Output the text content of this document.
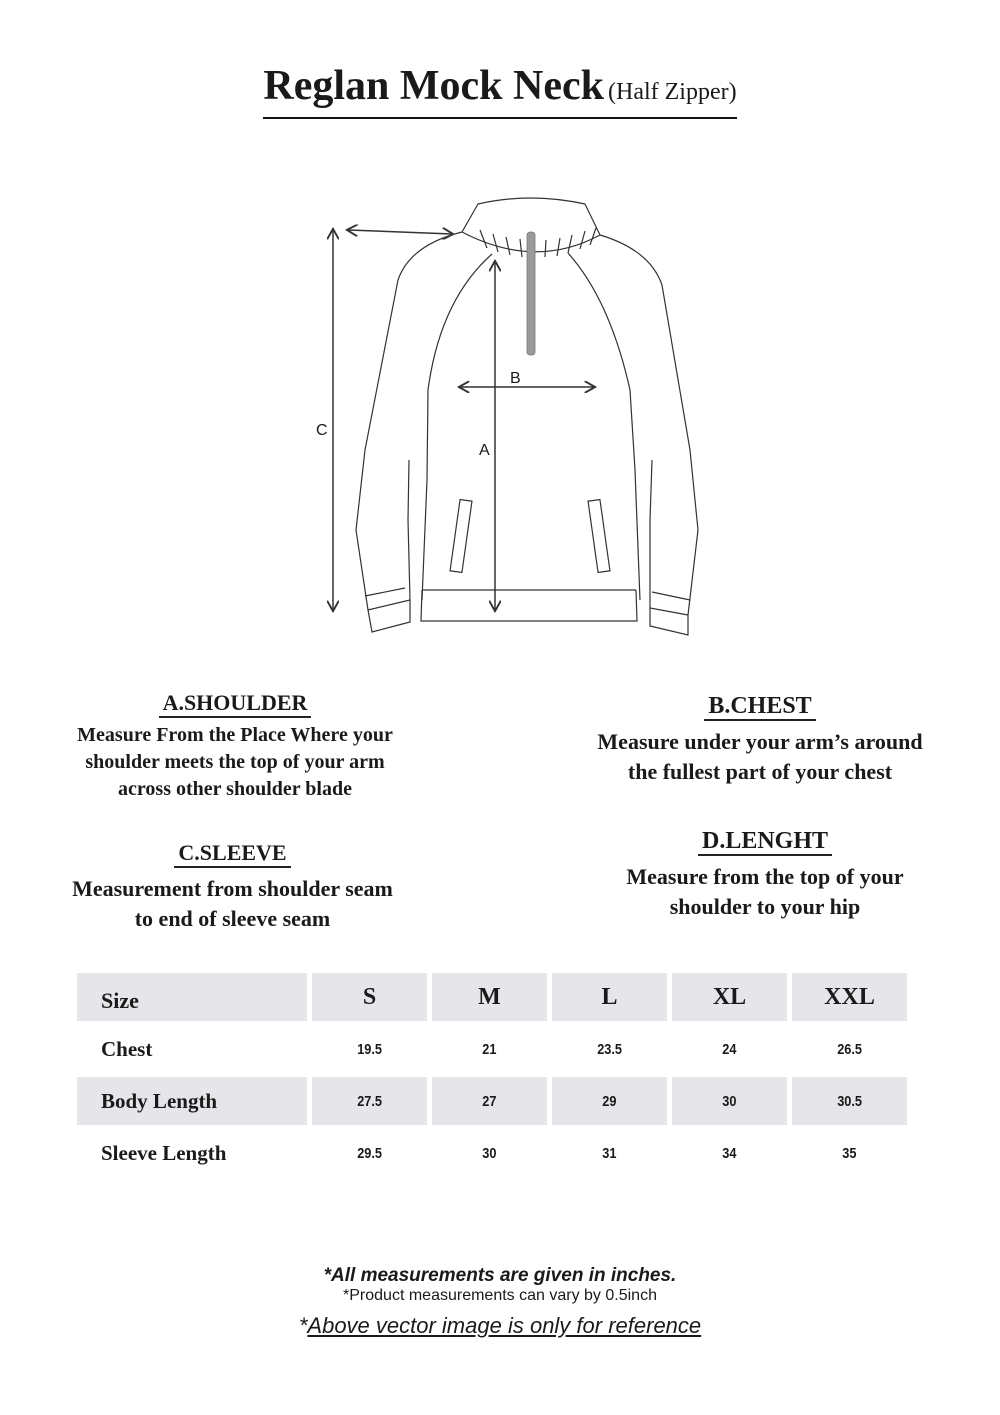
Reglan Mock Neck (Half Zipper)
B
A
C
A.SHOULDER
Measure From the Place Where your
shoulder meets the top of your arm
across other shoulder blade
B.CHEST
Measure under your arm’s around
the fullest part of your chest
C.SLEEVE
Measurement from shoulder seam
to end of sleeve seam
D.LENGHT
Measure from the top of your
shoulder to your hip
Size	S	M	L	XL	XXL
Chest	19.5	21	23.5	24	26.5
Body Length	27.5	27	29	30	30.5
Sleeve Length	29.5	30	31	34	35
*All measurements are given in inches.
*Product measurements can vary by 0.5inch
*Above vector image is only for reference
